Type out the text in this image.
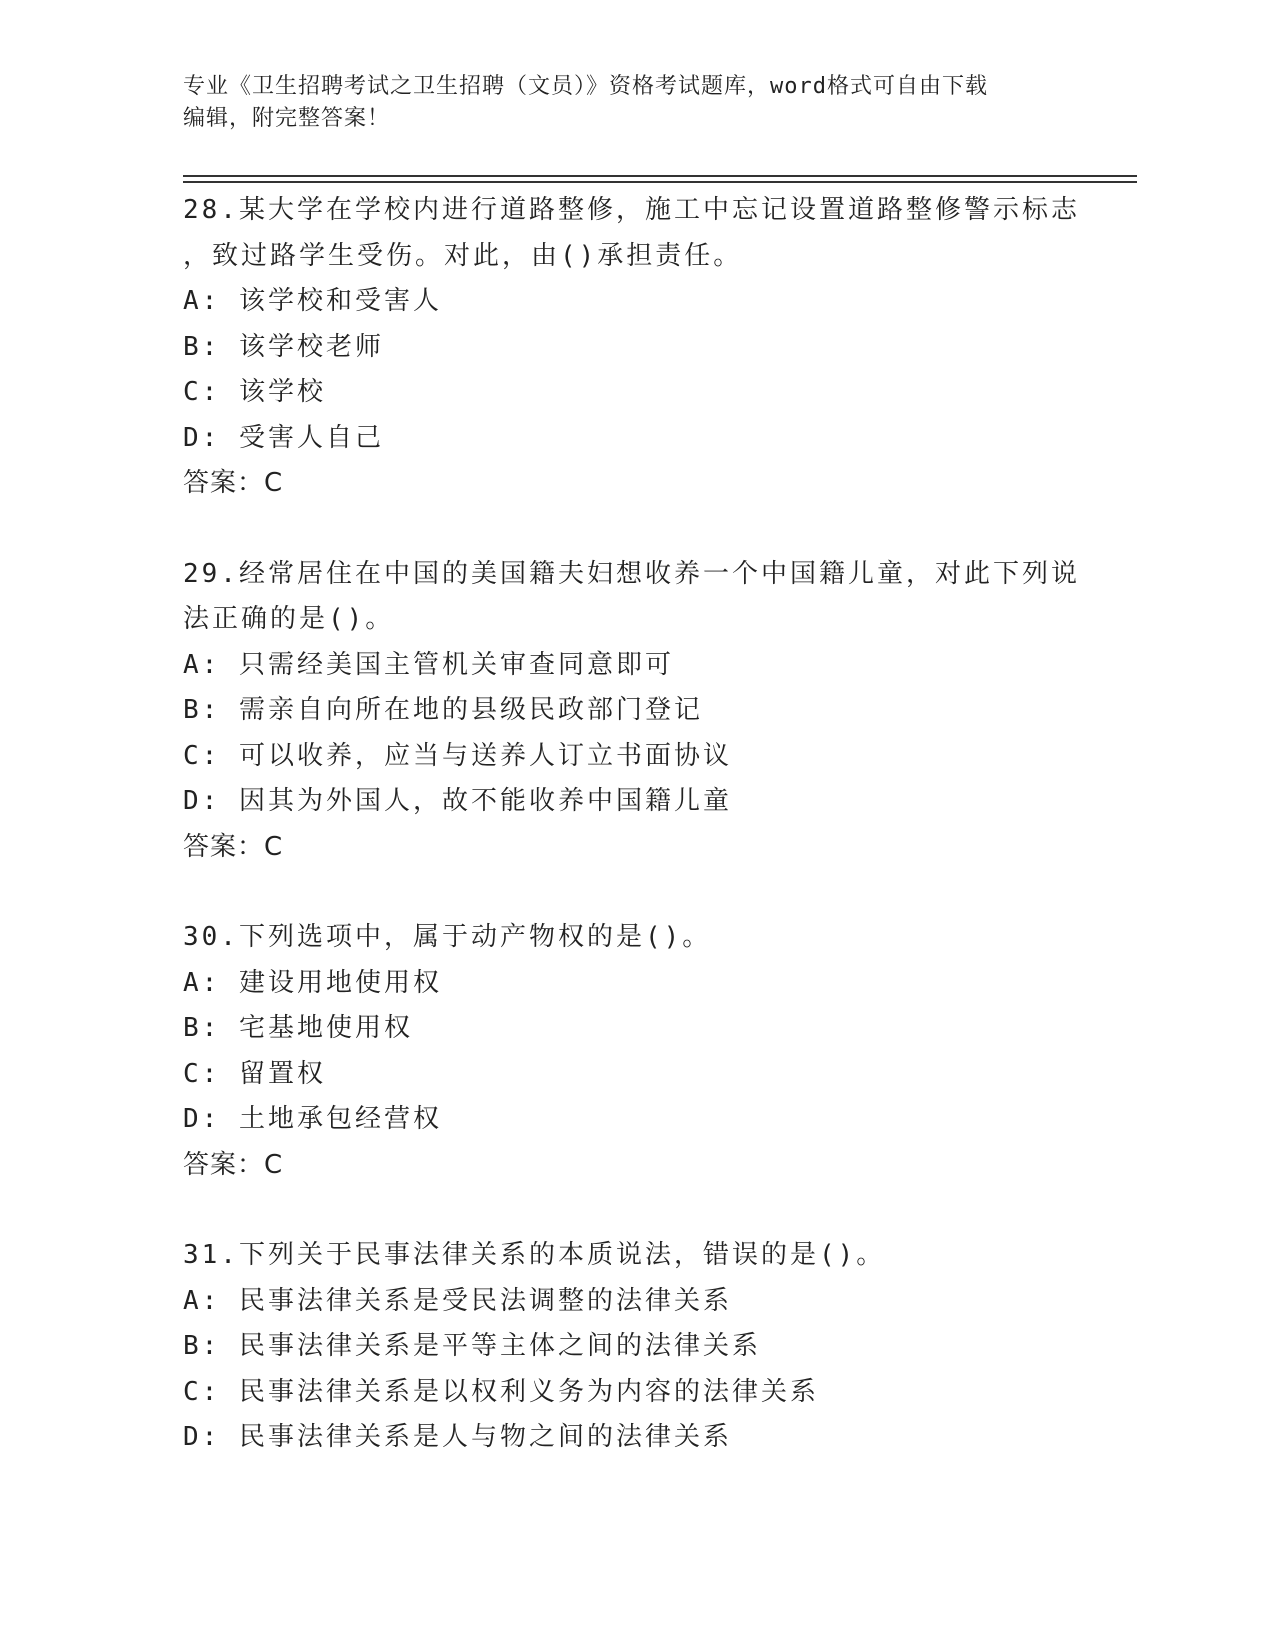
专业《卫生招聘考试之卫生招聘（文员）》资格考试题库，word格式可自由下载
编辑，附完整答案！
28.某大学在学校内进行道路整修，施工中忘记设置道路整修警示标志
，致过路学生受伤。对此，由()承担责任。
A: 该学校和受害人
B: 该学校老师
C: 该学校
D: 受害人自己
答案：C
29.经常居住在中国的美国籍夫妇想收养一个中国籍儿童，对此下列说
法正确的是()。
A: 只需经美国主管机关审查同意即可
B: 需亲自向所在地的县级民政部门登记
C: 可以收养，应当与送养人订立书面协议
D: 因其为外国人，故不能收养中国籍儿童
答案：C
30.下列选项中，属于动产物权的是()。
A: 建设用地使用权
B: 宅基地使用权
C: 留置权
D: 土地承包经营权
答案：C
31.下列关于民事法律关系的本质说法，错误的是()。
A: 民事法律关系是受民法调整的法律关系
B: 民事法律关系是平等主体之间的法律关系
C: 民事法律关系是以权利义务为内容的法律关系
D: 民事法律关系是人与物之间的法律关系
